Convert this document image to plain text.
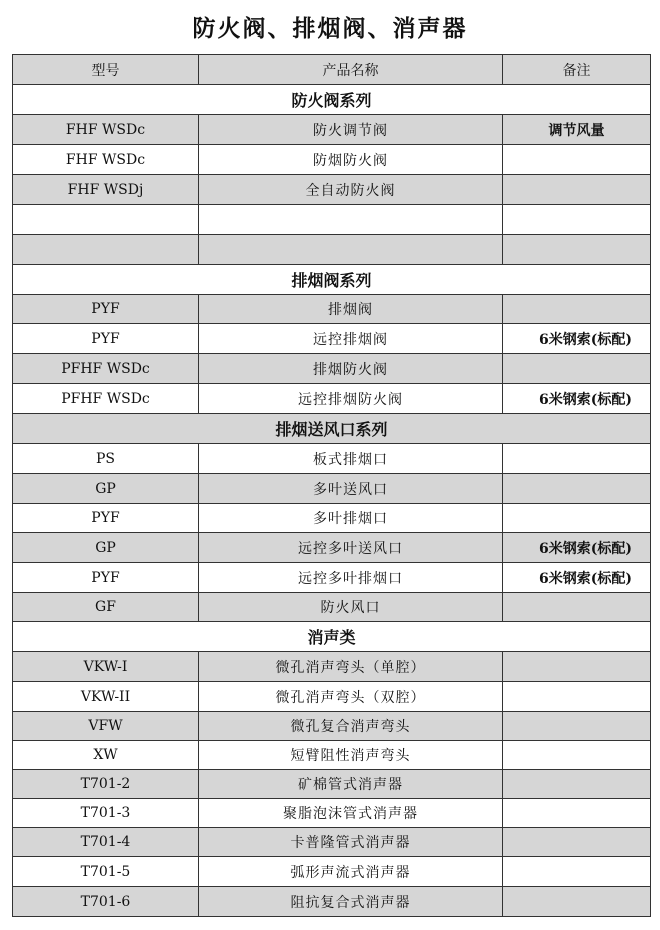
防火阀、排烟阀、消声器
型号	产品名称	备注
防火阀系列		
FHF WSDc	防火调节阀	调节风量
FHF WSDc	防烟防火阀	
FHF WSDj	全自动防火阀	

排烟阀系列		
PYF	排烟阀	
PYF	远控排烟阀	6米钢索(标配)
PFHF WSDc	排烟防火阀	
PFHF WSDc	远控排烟防火阀	6米钢索(标配)
排烟送风口系列		
PS	板式排烟口	
GP	多叶送风口	
PYF	多叶排烟口	
GP	远控多叶送风口	6米钢索(标配)
PYF	远控多叶排烟口	6米钢索(标配)
GF	防火风口	
消声类		
VKW-I	微孔消声弯头（单腔）	
VKW-II	微孔消声弯头（双腔）	
VFW	微孔复合消声弯头	
XW	短臂阻性消声弯头	
T701-2	矿棉管式消声器	
T701-3	聚脂泡沫管式消声器	
T701-4	卡普隆管式消声器	
T701-5	弧形声流式消声器	
T701-6	阻抗复合式消声器	
